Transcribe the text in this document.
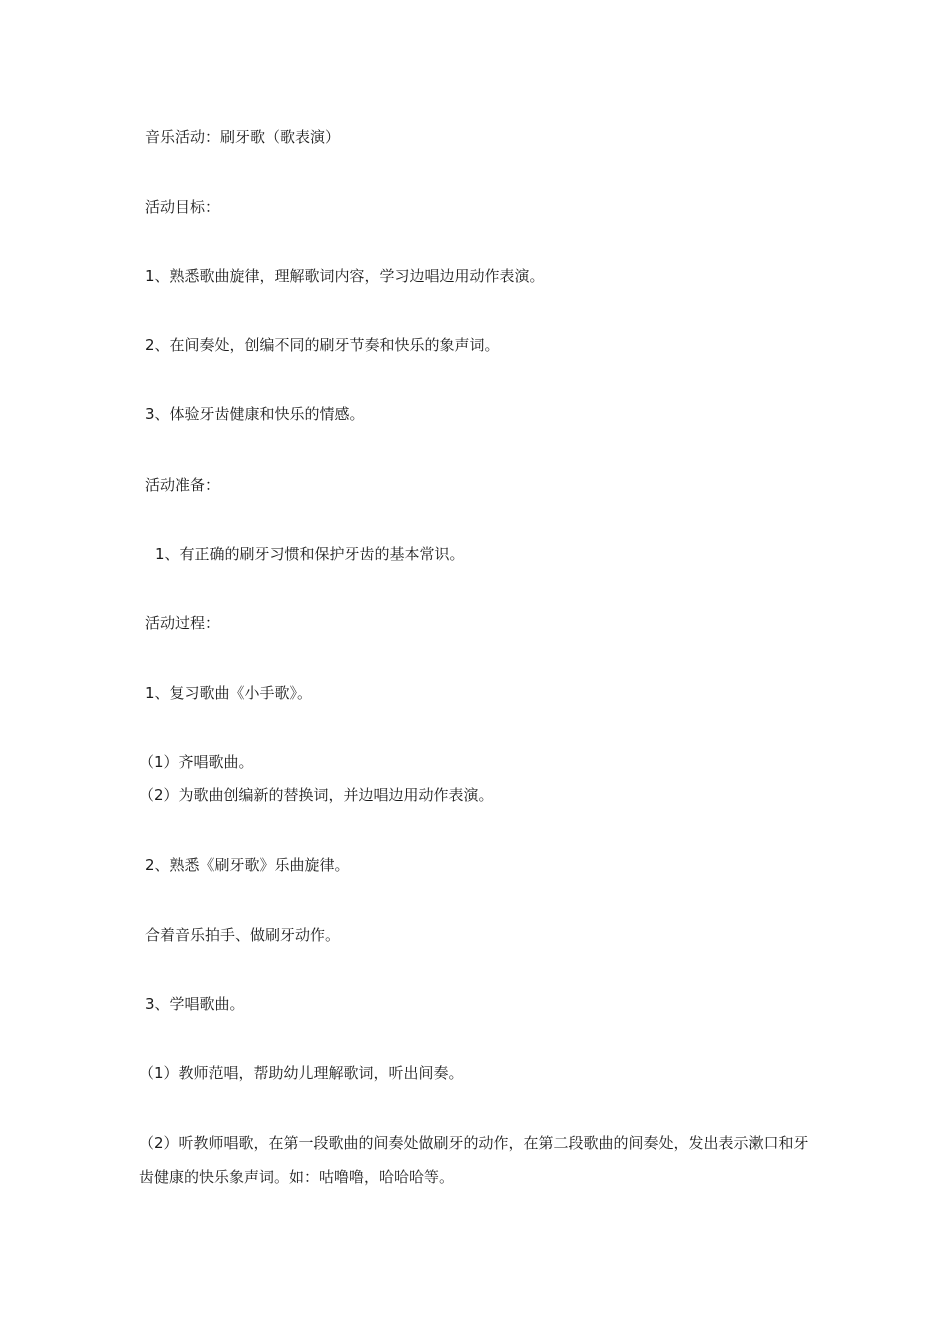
音乐活动：刷牙歌（歌表演）
活动目标：
1、熟悉歌曲旋律，理解歌词内容，学习边唱边用动作表演。
2、在间奏处，创编不同的刷牙节奏和快乐的象声词。
3、体验牙齿健康和快乐的情感。
活动准备：
1、有正确的刷牙习惯和保护牙齿的基本常识。
活动过程：
1、复习歌曲《小手歌》。
（1）齐唱歌曲。
（2）为歌曲创编新的替换词，并边唱边用动作表演。
2、熟悉《刷牙歌》乐曲旋律。
合着音乐拍手、做刷牙动作。
3、学唱歌曲。
（1）教师范唱，帮助幼儿理解歌词，听出间奏。
（2）听教师唱歌，在第一段歌曲的间奏处做刷牙的动作，在第二段歌曲的间奏处，发出表示漱口和牙齿健康的快乐象声词。如：咕噜噜，哈哈哈等。
